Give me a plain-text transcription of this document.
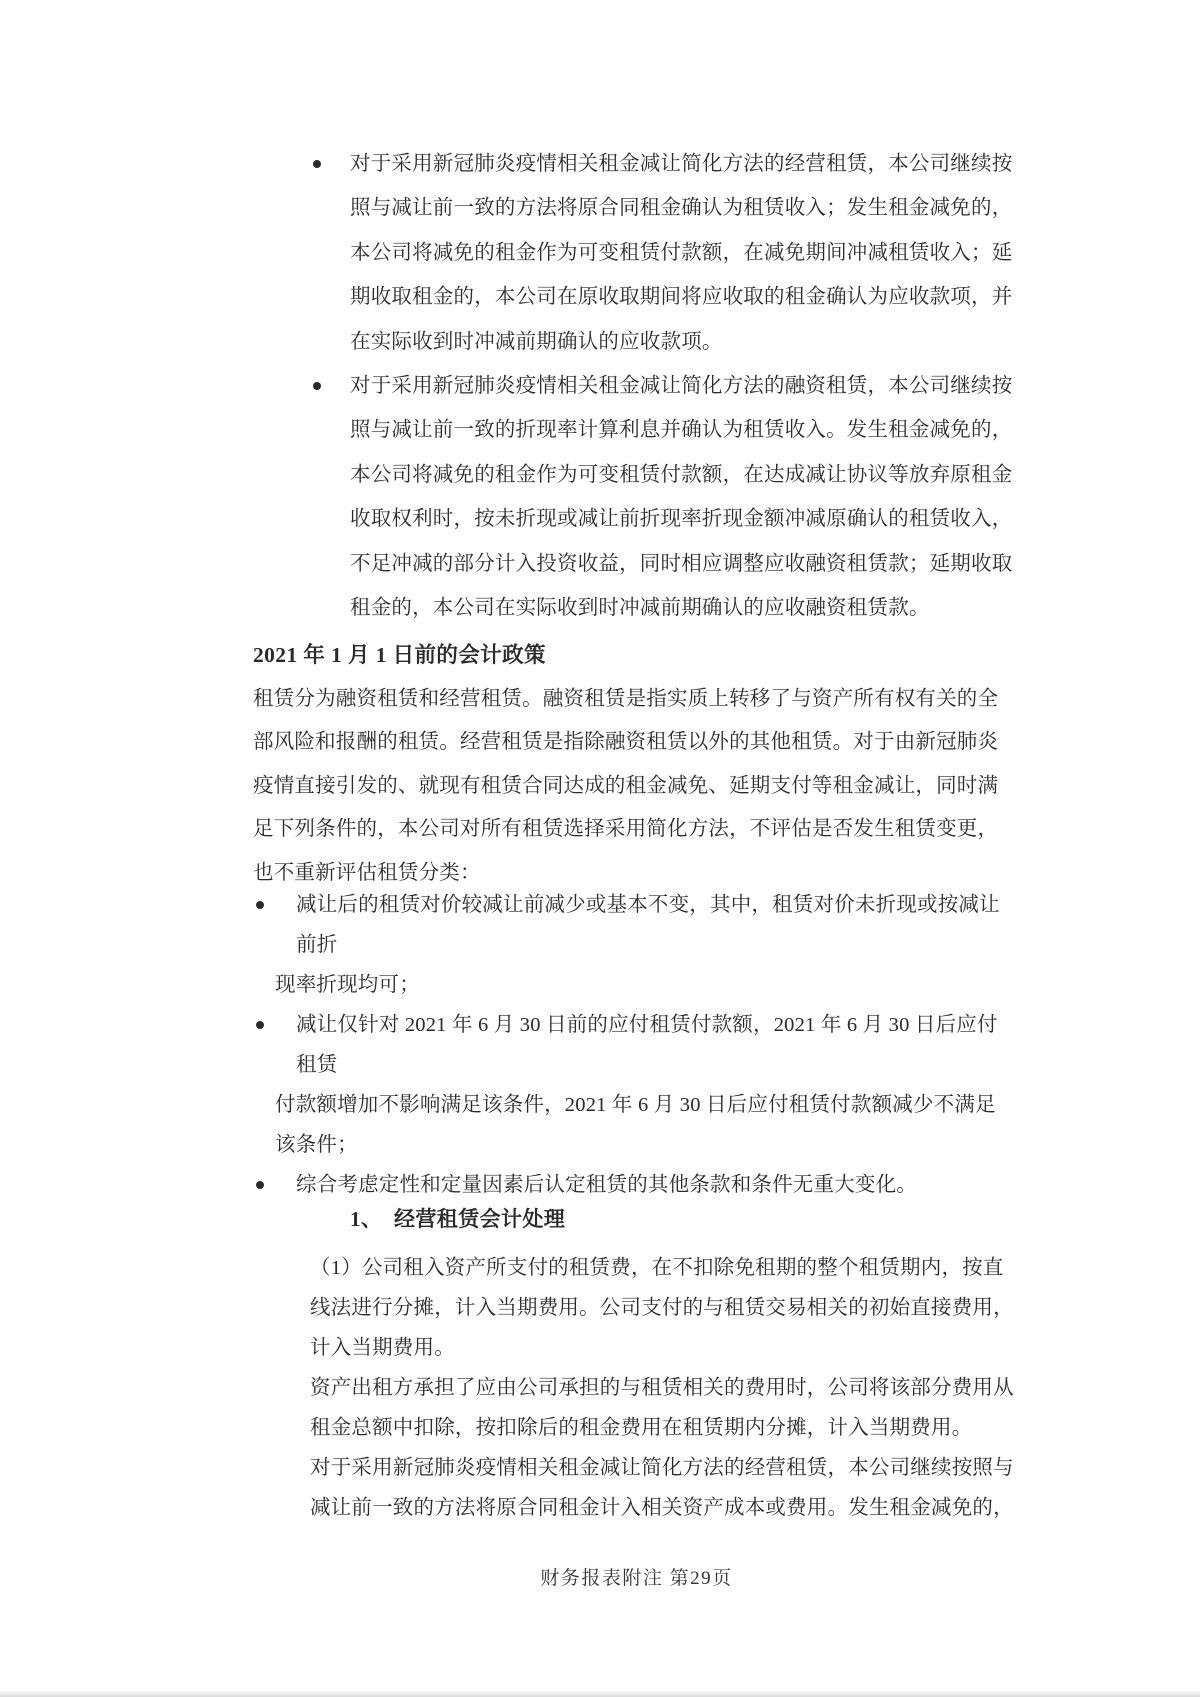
对于采用新冠肺炎疫情相关租金减让简化方法的经营租赁，本公司继续按
照与减让前一致的方法将原合同租金确认为租赁收入；发生租金减免的，
本公司将减免的租金作为可变租赁付款额，在减免期间冲减租赁收入；延
期收取租金的，本公司在原收取期间将应收取的租金确认为应收款项，并
在实际收到时冲减前期确认的应收款项。
对于采用新冠肺炎疫情相关租金减让简化方法的融资租赁，本公司继续按
照与减让前一致的折现率计算利息并确认为租赁收入。发生租金减免的，
本公司将减免的租金作为可变租赁付款额，在达成减让协议等放弃原租金
收取权利时，按未折现或减让前折现率折现金额冲减原确认的租赁收入，
不足冲减的部分计入投资收益，同时相应调整应收融资租赁款；延期收取
租金的，本公司在实际收到时冲减前期确认的应收融资租赁款。
2021 年 1 月 1 日前的会计政策
租赁分为融资租赁和经营租赁。融资租赁是指实质上转移了与资产所有权有关的全
部风险和报酬的租赁。经营租赁是指除融资租赁以外的其他租赁。对于由新冠肺炎
疫情直接引发的、就现有租赁合同达成的租金减免、延期支付等租金减让，同时满
足下列条件的，本公司对所有租赁选择采用简化方法，不评估是否发生租赁变更，
也不重新评估租赁分类：
减让后的租赁对价较减让前减少或基本不变，其中，租赁对价未折现或按减让
前折
现率折现均可；
减让仅针对 2021 年 6 月 30 日前的应付租赁付款额，2021 年 6 月 30 日后应付
租赁
付款额增加不影响满足该条件，2021 年 6 月 30 日后应付租赁付款额减少不满足
该条件；
综合考虑定性和定量因素后认定租赁的其他条款和条件无重大变化。
1、 经营租赁会计处理
（1）公司租入资产所支付的租赁费，在不扣除免租期的整个租赁期内，按直
线法进行分摊，计入当期费用。公司支付的与租赁交易相关的初始直接费用，
计入当期费用。
资产出租方承担了应由公司承担的与租赁相关的费用时，公司将该部分费用从
租金总额中扣除，按扣除后的租金费用在租赁期内分摊，计入当期费用。
对于采用新冠肺炎疫情相关租金减让简化方法的经营租赁，本公司继续按照与
减让前一致的方法将原合同租金计入相关资产成本或费用。发生租金减免的，
财务报表附注 第29页
